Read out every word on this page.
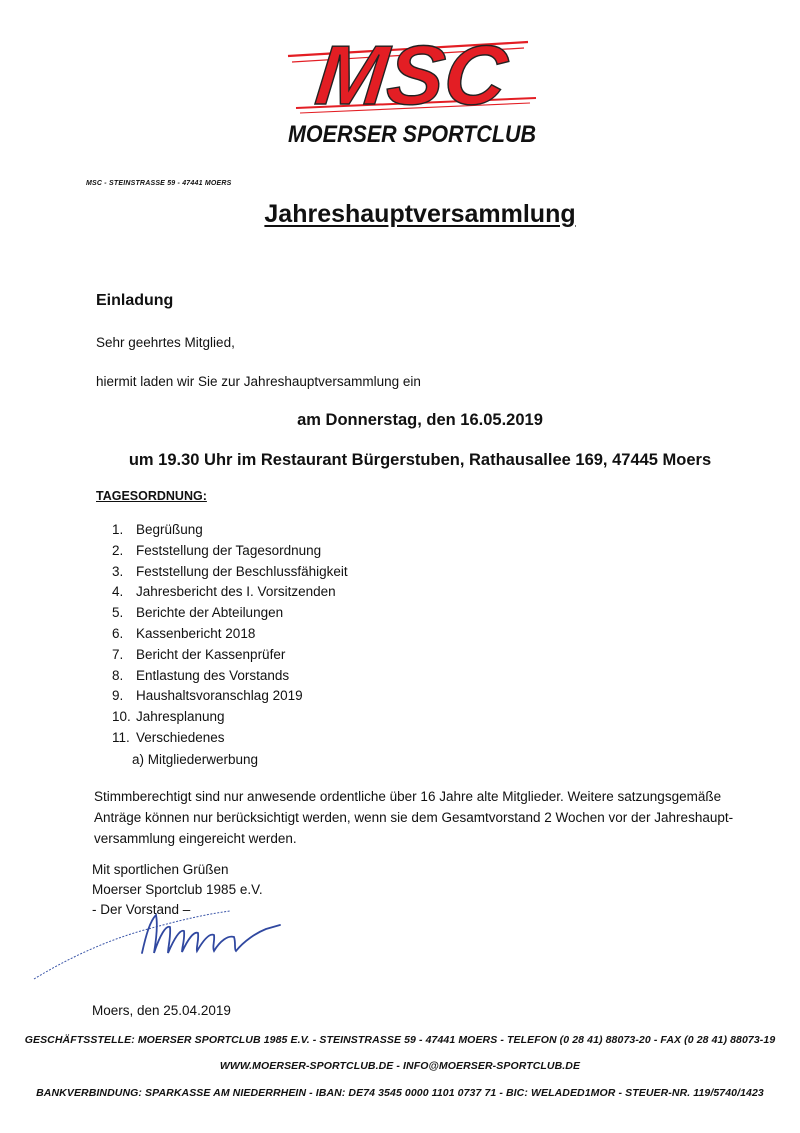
MSC
MOERSER SPORTCLUB
MSC - STEINSTRASSE 59 - 47441 MOERS
Jahreshauptversammlung
Einladung
Sehr geehrtes Mitglied,
hiermit laden wir Sie zur Jahreshauptversammlung ein
am Donnerstag, den 16.05.2019
um 19.30 Uhr im Restaurant Bürgerstuben, Rathausallee 169, 47445 Moers
TAGESORDNUNG:
1. Begrüßung
2. Feststellung der Tagesordnung
3. Feststellung der Beschlussfähigkeit
4. Jahresbericht des I. Vorsitzenden
5. Berichte der Abteilungen
6. Kassenbericht 2018
7. Bericht der Kassenprüfer
8. Entlastung des Vorstands
9. Haushaltsvoranschlag 2019
10. Jahresplanung
11. Verschiedenes
a) Mitgliederwerbung
Stimmberechtigt sind nur anwesende ordentliche über 16 Jahre alte Mitglieder. Weitere satzungsgemäße Anträge können nur berücksichtigt werden, wenn sie dem Gesamtvorstand 2 Wochen vor der Jahreshaupt-versammlung eingereicht werden.
Mit sportlichen Grüßen
Moerser Sportclub 1985 e.V.
- Der Vorstand –
Moers, den 25.04.2019
GESCHÄFTSSTELLE: MOERSER SPORTCLUB 1985 E.V. - STEINSTRASSE 59 - 47441 MOERS - TELEFON (0 28 41) 88073-20 - FAX (0 28 41) 88073-19
WWW.MOERSER-SPORTCLUB.DE - INFO@MOERSER-SPORTCLUB.DE
BANKVERBINDUNG: SPARKASSE AM NIEDERRHEIN - IBAN: DE74 3545 0000 1101 0737 71 - BIC: WELADED1MOR - STEUER-NR. 119/5740/1423
